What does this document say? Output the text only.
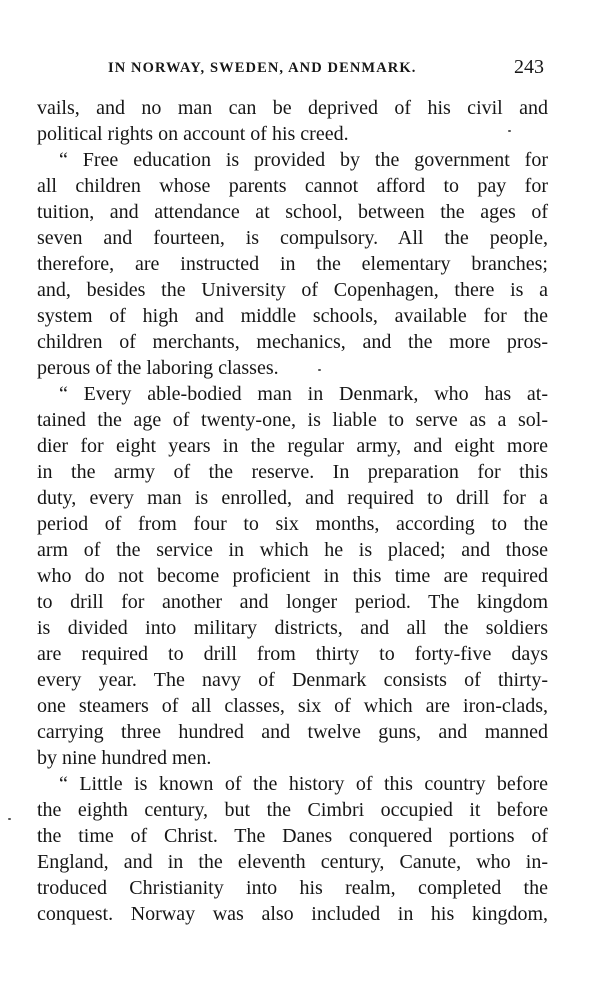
IN NORWAY, SWEDEN, AND DENMARK.	243
vails, and no man can be deprived of his civil and
political rights on account of his creed.
“ Free education is provided by the government for
all children whose parents cannot afford to pay for
tuition, and attendance at school, between the ages of
seven and fourteen, is compulsory. All the people,
therefore, are instructed in the elementary branches;
and, besides the University of Copenhagen, there is a
system of high and middle schools, available for the
children of merchants, mechanics, and the more pros-
perous of the laboring classes.
“ Every able-bodied man in Denmark, who has at-
tained the age of twenty-one, is liable to serve as a sol-
dier for eight years in the regular army, and eight more
in the army of the reserve. In preparation for this
duty, every man is enrolled, and required to drill for a
period of from four to six months, according to the
arm of the service in which he is placed; and those
who do not become proficient in this time are required
to drill for another and longer period. The kingdom
is divided into military districts, and all the soldiers
are required to drill from thirty to forty-five days
every year. The navy of Denmark consists of thirty-
one steamers of all classes, six of which are iron-clads,
carrying three hundred and twelve guns, and manned
by nine hundred men.
“ Little is known of the history of this country before
the eighth century, but the Cimbri occupied it before
the time of Christ. The Danes conquered portions of
England, and in the eleventh century, Canute, who in-
troduced Christianity into his realm, completed the
conquest. Norway was also included in his kingdom,
